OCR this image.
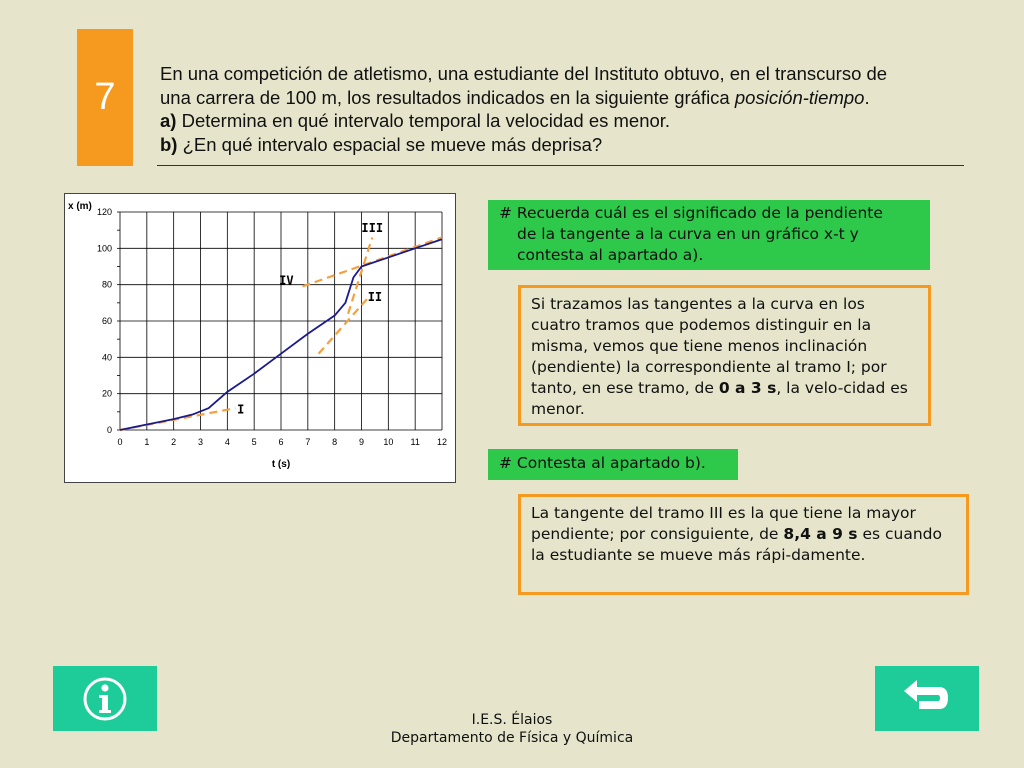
7

En una competición de atletismo, una estudiante del Instituto obtuvo, en el transcurso de

una carrera de 100 m, los resultados indicados en la siguiente gráfica posición-tiempo.

a) Determina en qué intervalo temporal la velocidad es menor.

b) ¿En qué intervalo espacial se mueve más deprisa?

0 1 2 3 4 5 6 7 8 9 10 11 12
0
20
40
60
80
100
120
t (s)
x (m)
I
II
III
IV
# Recuerda cuál es el significado de la pendiente
de la tangente a la curva en un gráfico x-t y
contesta al apartado a).

Si trazamos las tangentes a la curva en los cuatro tramos que podemos distinguir en la misma, vemos que tiene menos inclinación (pendiente) la correspondiente al tramo I; por tanto, en ese tramo, de 0 a 3 s, la velo-cidad es menor.

# Contesta al apartado b).

La tangente del tramo III es la que tiene la mayor pendiente; por consiguiente, de 8,4 a 9 s es cuando la estudiante se mueve más rápi-damente.

I.E.S. Élaios
Departamento de Física y Química
